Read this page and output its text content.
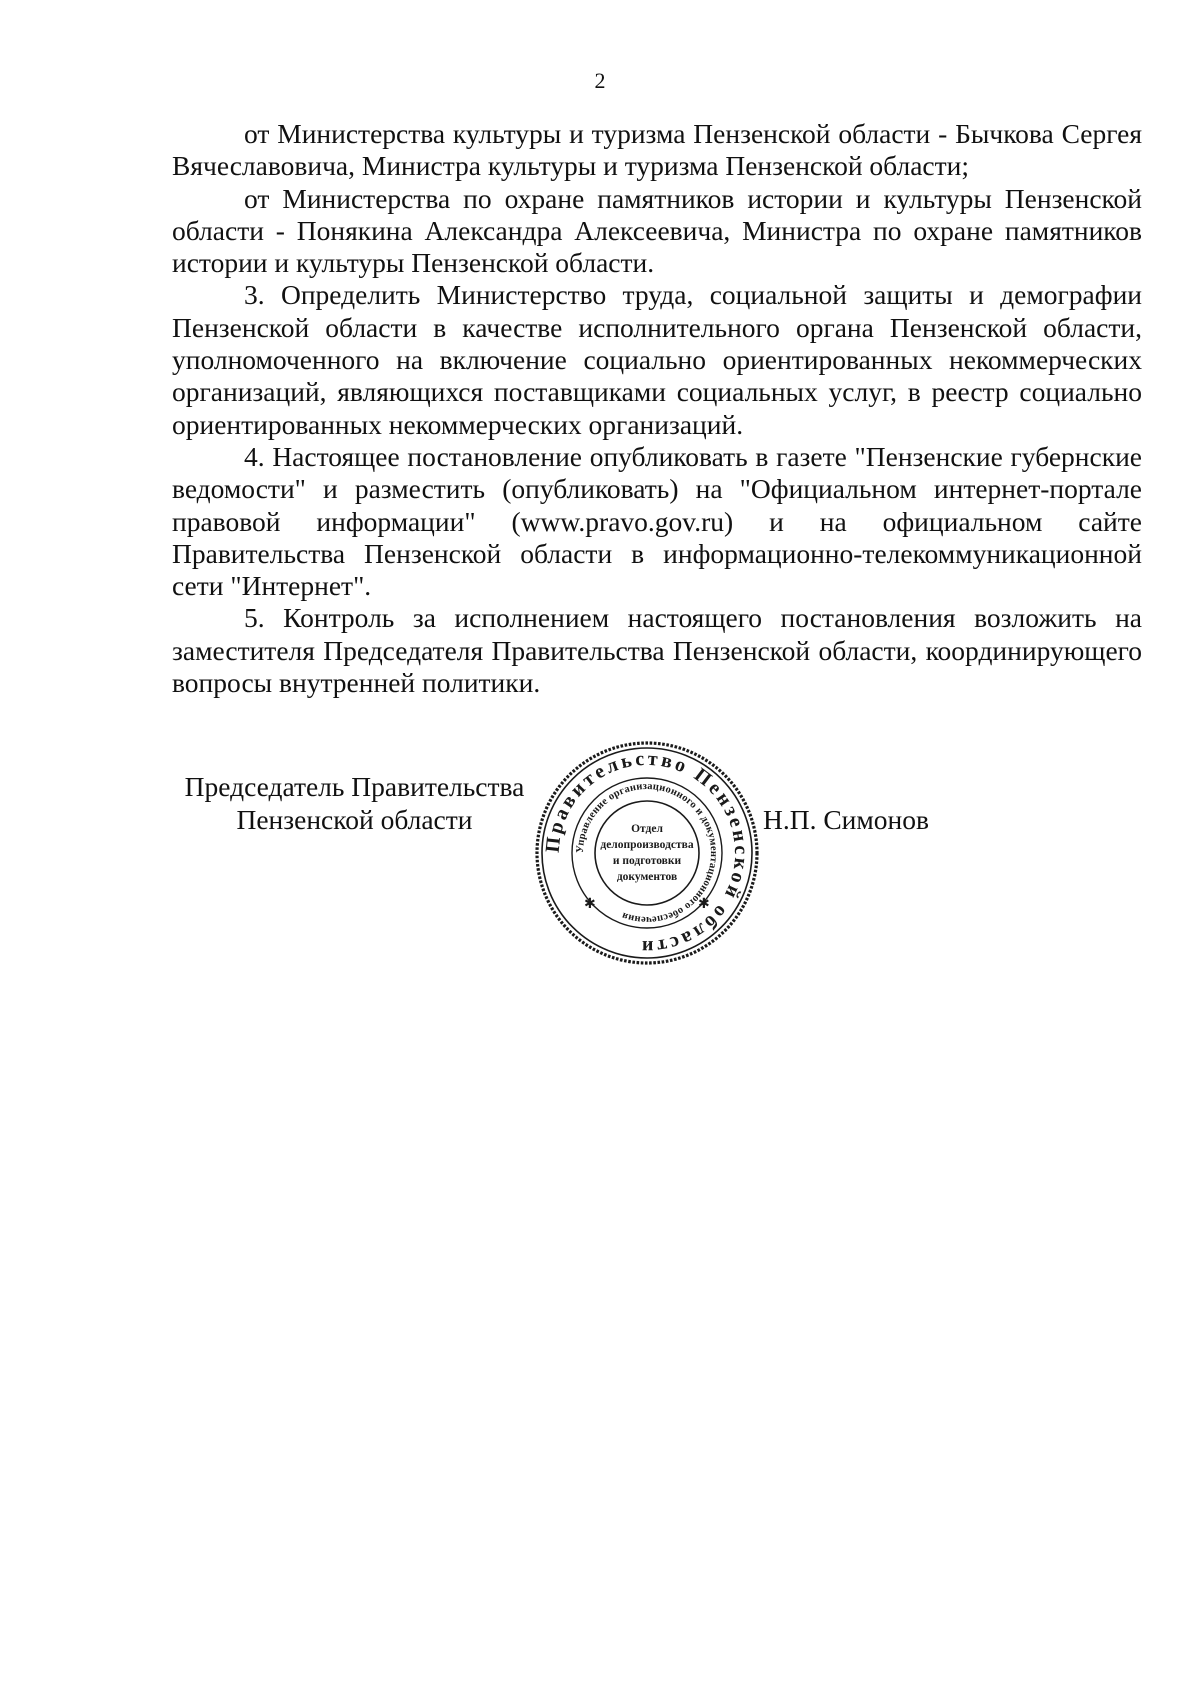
2

от Министерства культуры и туризма Пензенской области - Бычкова Сергея Вячеславовича, Министра культуры и туризма Пензенской области;

от Министерства по охране памятников истории и культуры Пензенской области - Понякина Александра Алексеевича, Министра по охране памятников истории и культуры Пензенской области.

3. Определить Министерство труда, социальной защиты и демографии Пензенской области в качестве исполнительного органа Пензенской области, уполномоченного на включение социально ориентированных некоммерческих организаций, являющихся поставщиками социальных услуг, в реестр социально ориентированных некоммерческих организаций.

4. Настоящее постановление опубликовать в газете "Пензенские губернские ведомости" и разместить (опубликовать) на "Официальном интернет-портале правовой информации" (www.pravo.gov.ru) и на официальном сайте Правительства Пензенской области в информационно-телекоммуникационной сети "Интернет".

5. Контроль за исполнением настоящего постановления возложить на заместителя Председателя Правительства Пензенской области, координирующего вопросы внутренней политики.

Председатель Правительства
Пензенской области
Правительство Пензенской области
Управление организационного и документационного обеспечения
✱	✱
Отдел
делопроизводства
и подготовки
документов
Н.П. Симонов
